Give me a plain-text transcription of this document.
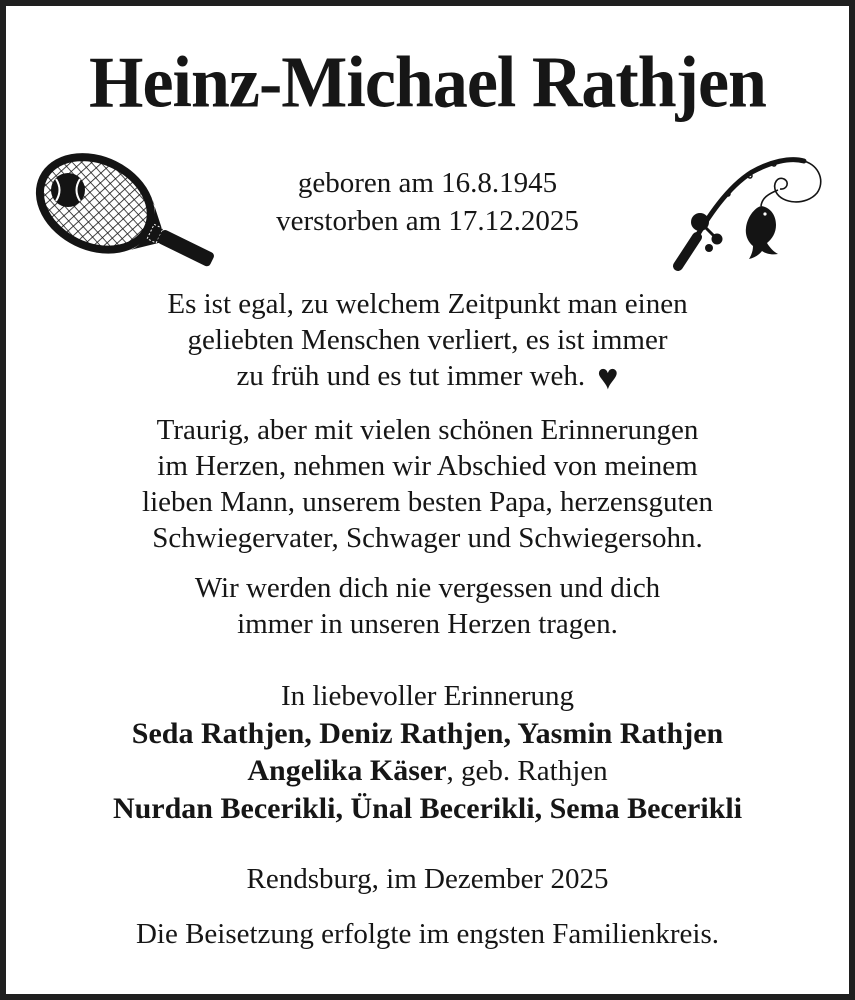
Heinz-Michael Rathjen
geboren am 16.8.1945
verstorben am 17.12.2025
Es ist egal, zu welchem Zeitpunkt man einen
geliebten Menschen verliert, es ist immer
zu früh und es tut immer weh. ♥
Traurig, aber mit vielen schönen Erinnerungen
im Herzen, nehmen wir Abschied von meinem
lieben Mann, unserem besten Papa, herzensguten
Schwiegervater, Schwager und Schwiegersohn.
Wir werden dich nie vergessen und dich
immer in unseren Herzen tragen.
In liebevoller Erinnerung
Seda Rathjen, Deniz Rathjen, Yasmin Rathjen
Angelika Käser, geb. Rathjen
Nurdan Becerikli, Ünal Becerikli, Sema Becerikli
Rendsburg, im Dezember 2025
Die Beisetzung erfolgte im engsten Familienkreis.
